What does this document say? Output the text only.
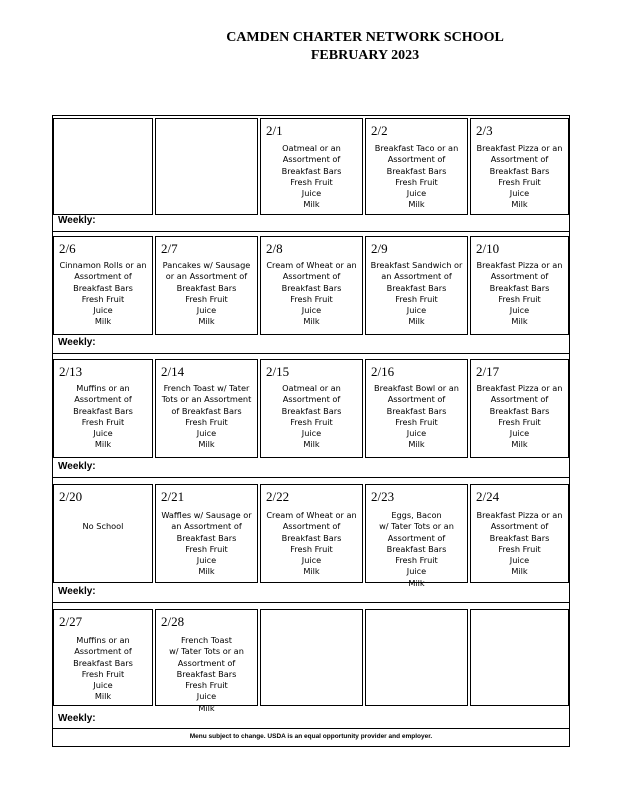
CAMDEN CHARTER NETWORK SCHOOL
FEBRUARY 2023
2/1
Oatmeal or an
Assortment of
Breakfast Bars
Fresh Fruit
Juice
Milk
2/2
Breakfast Taco or an
Assortment of
Breakfast Bars
Fresh Fruit
Juice
Milk
2/3
Breakfast Pizza or an
Assortment of
Breakfast Bars
Fresh Fruit
Juice
Milk
Weekly:
2/6
Cinnamon Rolls or an
Assortment of
Breakfast Bars
Fresh Fruit
Juice
Milk
2/7
Pancakes w/ Sausage
or an Assortment of
Breakfast Bars
Fresh Fruit
Juice
Milk
2/8
Cream of Wheat or an
Assortment of
Breakfast Bars
Fresh Fruit
Juice
Milk
2/9
Breakfast Sandwich or
an Assortment of
Breakfast Bars
Fresh Fruit
Juice
Milk
2/10
Breakfast Pizza or an
Assortment of
Breakfast Bars
Fresh Fruit
Juice
Milk
Weekly:
2/13
Muffins or an
Assortment of
Breakfast Bars
Fresh Fruit
Juice
Milk
2/14
French Toast w/ Tater
Tots or an Assortment
of Breakfast Bars
Fresh Fruit
Juice
Milk
2/15
Oatmeal or an
Assortment of
Breakfast Bars
Fresh Fruit
Juice
Milk
2/16
Breakfast Bowl or an
Assortment of
Breakfast Bars
Fresh Fruit
Juice
Milk
2/17
Breakfast Pizza or an
Assortment of
Breakfast Bars
Fresh Fruit
Juice
Milk
Weekly:
2/20
No School
2/21
Waffles w/ Sausage or
an Assortment of
Breakfast Bars
Fresh Fruit
Juice
Milk
2/22
Cream of Wheat or an
Assortment of
Breakfast Bars
Fresh Fruit
Juice
Milk
2/23
Eggs, Bacon
w/ Tater Tots or an
Assortment of
Breakfast Bars
Fresh Fruit
Juice
Milk
2/24
Breakfast Pizza or an
Assortment of
Breakfast Bars
Fresh Fruit
Juice
Milk
Weekly:
2/27
Muffins or an
Assortment of
Breakfast Bars
Fresh Fruit
Juice
Milk
2/28
French Toast
w/ Tater Tots or an
Assortment of
Breakfast Bars
Fresh Fruit
Juice
Milk
Weekly:
Menu subject to change. USDA is an equal opportunity provider and employer.
